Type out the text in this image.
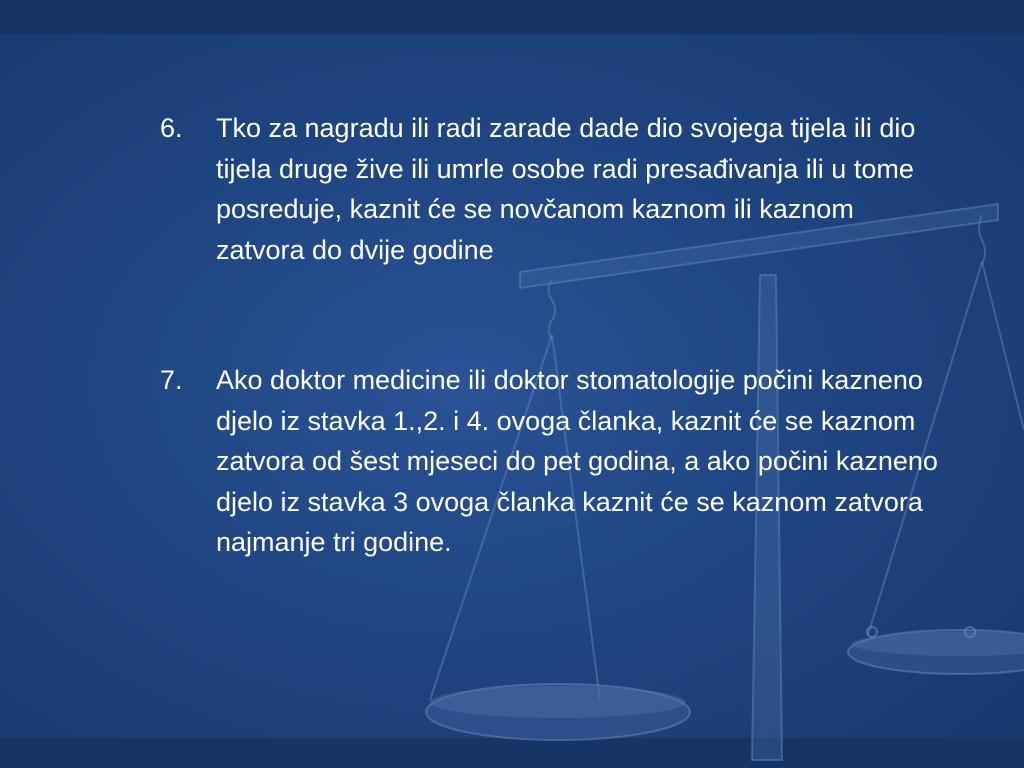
6.	Tko za nagradu ili radi zarade dade dio svojega tijela ili dio tijela druge žive ili umrle osobe radi presađivanja ili u tome posreduje, kaznit će se novčanom kaznom ili kaznom zatvora do dvije godine
7.	Ako doktor medicine ili doktor stomatologije počini kazneno djelo iz stavka 1.,2. i 4. ovoga članka, kaznit će se kaznom zatvora od šest mjeseci do pet godina, a ako počini kazneno djelo iz stavka 3 ovoga članka kaznit će se kaznom zatvora najmanje tri godine.
